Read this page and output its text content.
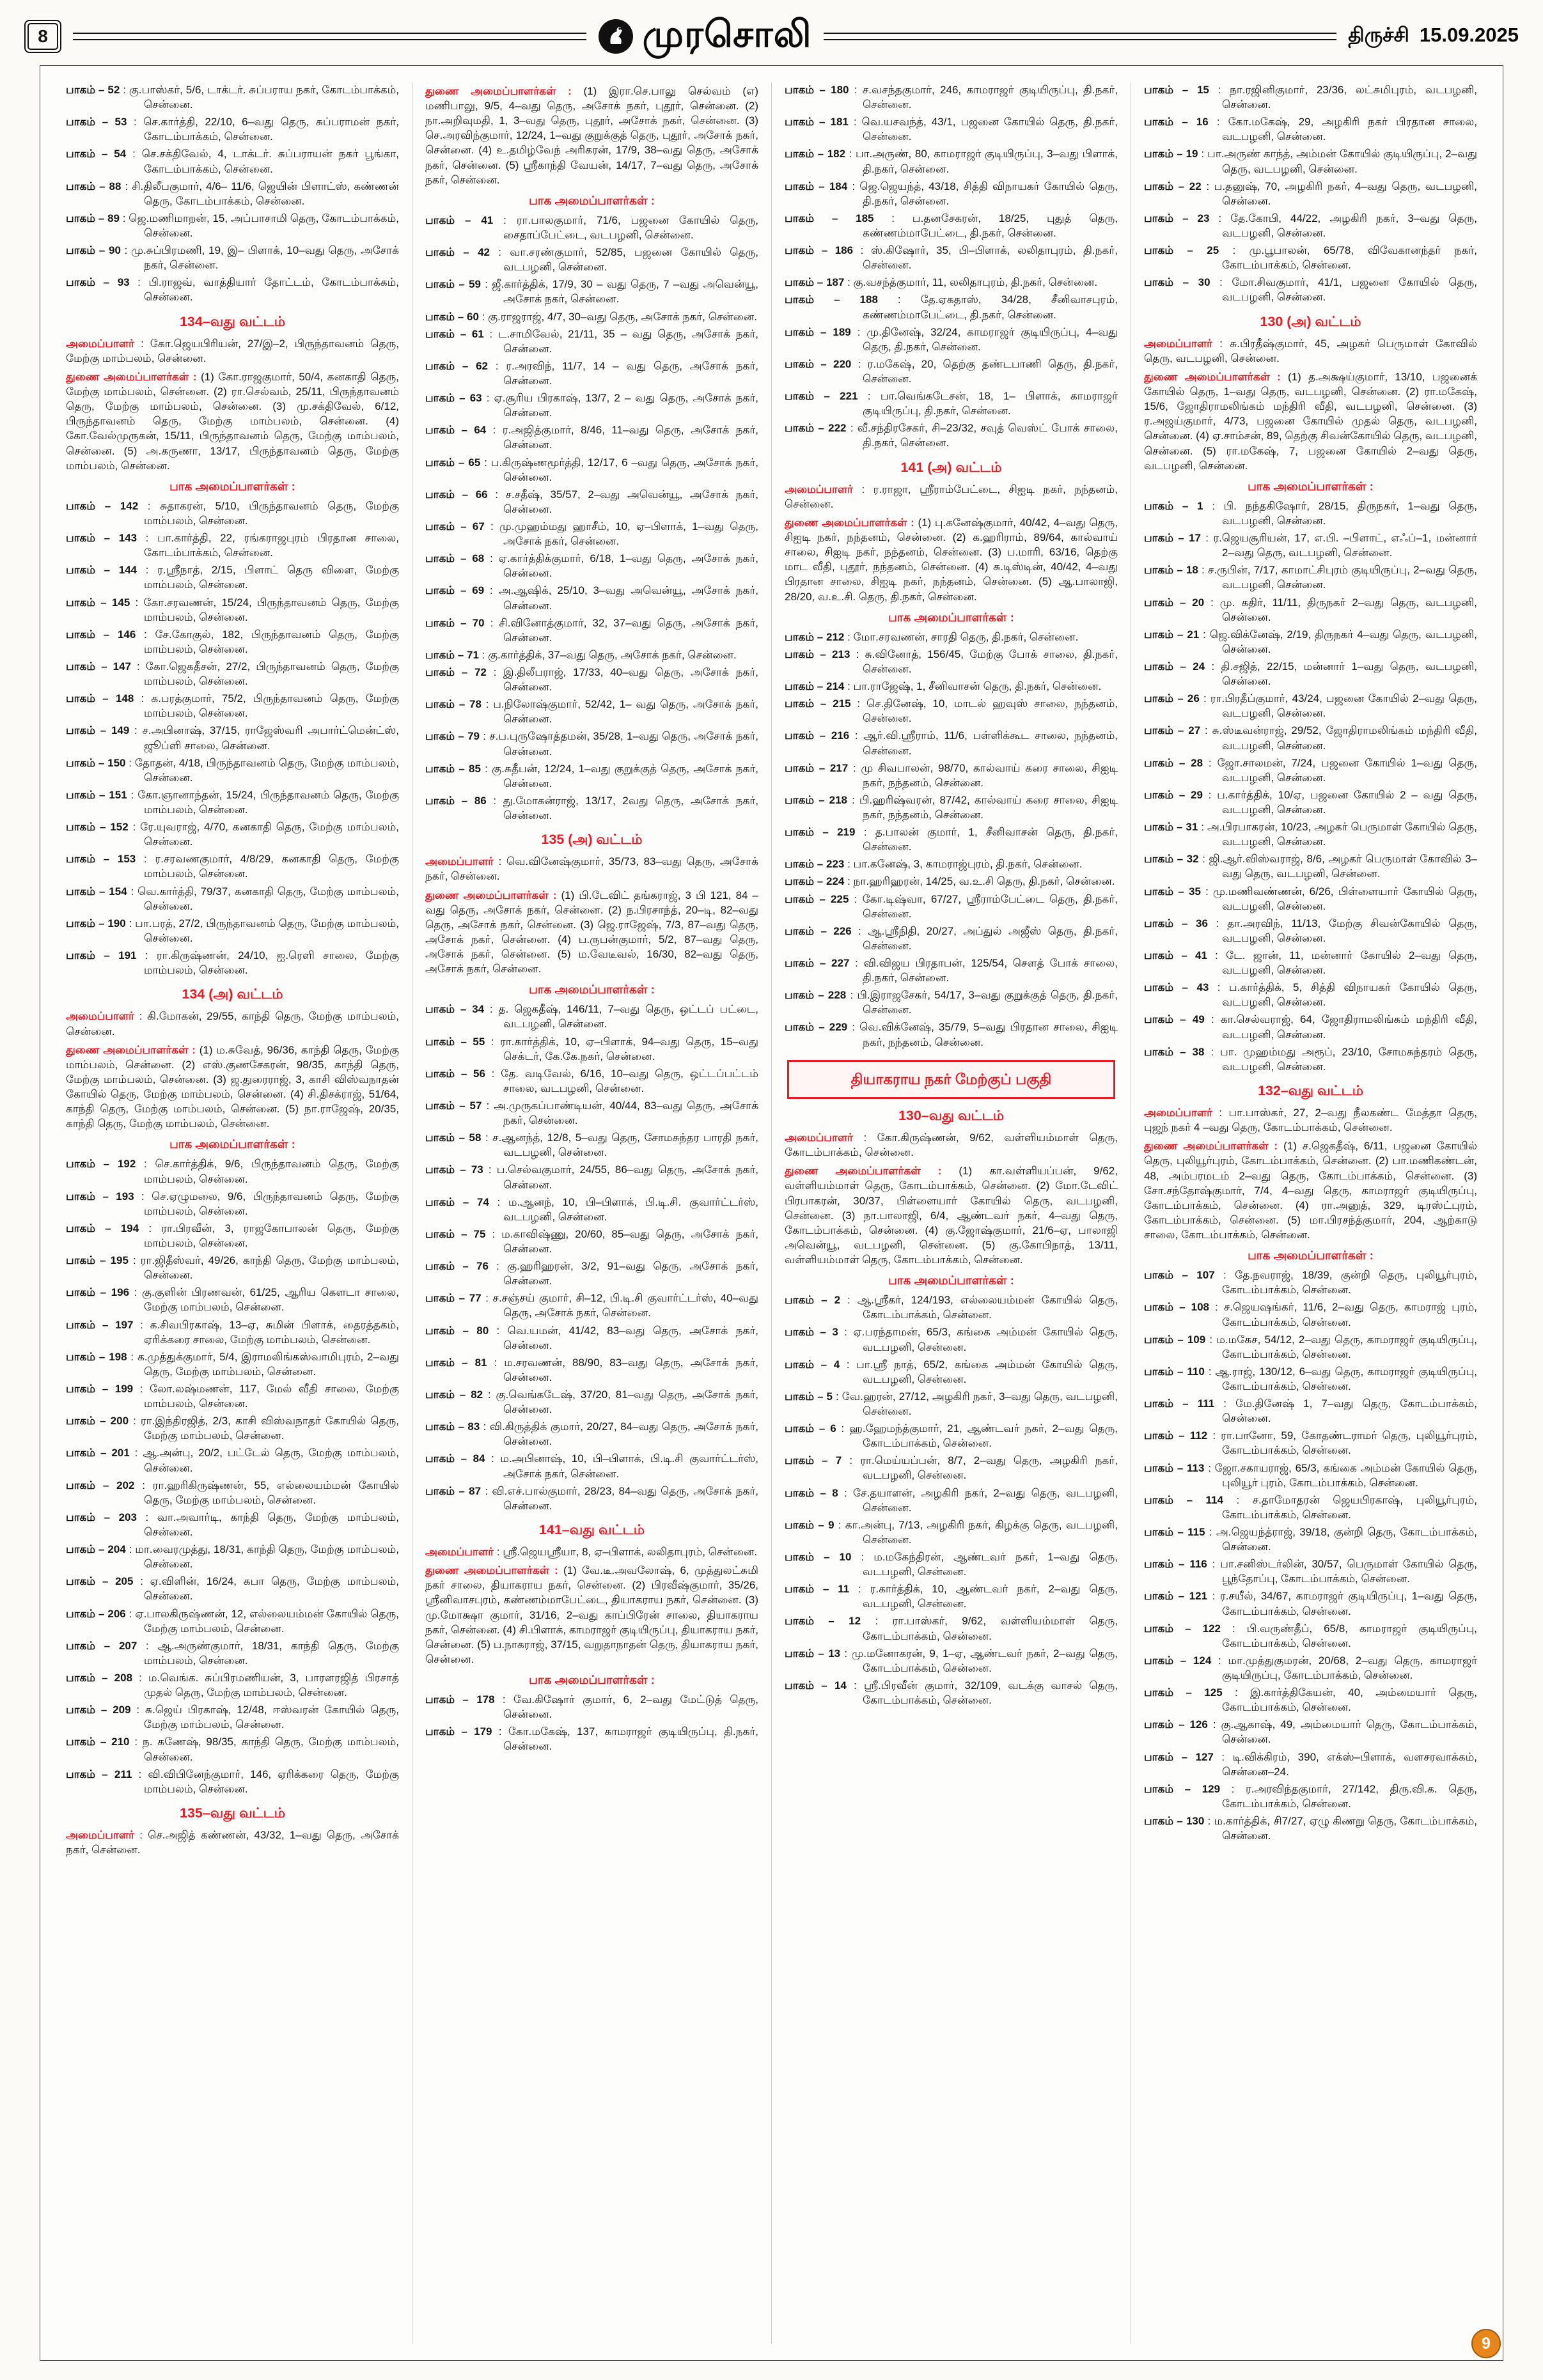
8	முரசொலி	திருச்சி 15.09.2025
பாகம் – 52 : கு.பாஸ்கர், 5/6, டாக்டர். சுப்பராய நகர், கோடம்பாக்கம், சென்னை.
பாகம் – 53 : செ.கார்த்தி, 22/10, 6–வது தெரு, சுப்பராமன் நகர், கோடம்பாக்கம், சென்னை.
பாகம் – 54 : செ.சக்திவேல், 4, டாக்டர். சுப்பராயன் நகர் பூங்கா, கோடம்பாக்கம், சென்னை.
பாகம் – 88 : சி.திலீபகுமார், 4/6– 11/6, ஜெயின் பிளாட்ஸ், கண்ணன் தெரு, கோடம்பாக்கம், சென்னை.
பாகம் – 89 : ஜெ.மணிமாறன், 15, அப்பாசாமி தெரு, கோடம்பாக்கம், சென்னை.
பாகம் – 90 : மு.சுப்பிரமணி, 19, இ– பிளாக், 10–வது தெரு, அசோக் நகர், சென்னை.
பாகம் – 93 : பி.ராஜவ், வாத்தியார் தோட்டம், கோடம்பாக்கம், சென்னை.
134–வது வட்டம்
அமைப்பாளர் : கோ.ஜெயபிரியன், 27/இ–2, பிருந்தாவனம் தெரு, மேற்கு மாம்பலம், சென்னை.
துணை அமைப்பாளர்கள் : (1) கோ.ராஜகுமார், 50/4, கனகாதி தெரு, மேற்கு மாம்பலம், சென்னை. (2) ரா.செல்வம், 25/11, பிருந்தாவனம் தெரு, மேற்கு மாம்பலம், சென்னை. (3) மு.சக்திவேல், 6/12, பிருந்தாவனம் தெரு, மேற்கு மாம்பலம், சென்னை. (4) கோ.வேல்முருகன், 15/11, பிருந்தாவனம் தெரு, மேற்கு மாம்பலம், சென்னை. (5) அ.கருணா, 13/17, பிருந்தாவனம் தெரு, மேற்கு மாம்பலம், சென்னை.
பாக அமைப்பாளர்கள் :
பாகம் – 142 : சுதாகரன், 5/10, பிருந்தாவனம் தெரு, மேற்கு மாம்பலம், சென்னை.
பாகம் – 143 : பா.கார்த்தி, 22, ரங்கராஜபுரம் பிரதான சாலை, கோடம்பாக்கம், சென்னை.
பாகம் – 144 : ர.ஸ்ரீநாத், 2/15, பிளாட் தெரு விளை, மேற்கு மாம்பலம், சென்னை.
பாகம் – 145 : கோ.சரவணன், 15/24, பிருந்தாவனம் தெரு, மேற்கு மாம்பலம், சென்னை.
பாகம் – 146 : சே.கோகுல், 182, பிருந்தாவனம் தெரு, மேற்கு மாம்பலம், சென்னை.
பாகம் – 147 : கோ.ஜெகதீசன், 27/2, பிருந்தாவனம் தெரு, மேற்கு மாம்பலம், சென்னை.
பாகம் – 148 : க.பரத்குமார், 75/2, பிருந்தாவனம் தெரு, மேற்கு மாம்பலம், சென்னை.
பாகம் – 149 : ச.அபினாஷ், 37/15, ராஜேஸ்வரி அபார்ட்மென்ட்ஸ், ஜூப்ளி சாலை, சென்னை.
பாகம் – 150 : தோதன், 4/18, பிருந்தாவனம் தெரு, மேற்கு மாம்பலம், சென்னை.
பாகம் – 151 : கோ.ஞானாந்தன், 15/24, பிருந்தாவனம் தெரு, மேற்கு மாம்பலம், சென்னை.
பாகம் – 152 : ரே.யுவராஜ், 4/70, கனகாதி தெரு, மேற்கு மாம்பலம், சென்னை.
பாகம் – 153 : ர.சரவணகுமார், 4/8/29, கனகாதி தெரு, மேற்கு மாம்பலம், சென்னை.
பாகம் – 154 : வெ.கார்த்தி, 79/37, கனகாதி தெரு, மேற்கு மாம்பலம், சென்னை.
பாகம் – 190 : பா.பரத், 27/2, பிருந்தாவனம் தெரு, மேற்கு மாம்பலம், சென்னை.
பாகம் – 191 : ரா.கிருஷ்ணன், 24/10, ஐ.ரெளி சாலை, மேற்கு மாம்பலம், சென்னை.
134 (அ) வட்டம்
அமைப்பாளர் : கி.மோகன், 29/55, காந்தி தெரு, மேற்கு மாம்பலம், சென்னை.
துணை அமைப்பாளர்கள் : (1) ம.சுவேத், 96/36, காந்தி தெரு, மேற்கு மாம்பலம், சென்னை. (2) எஸ்.குணசேகரன், 98/35, காந்தி தெரு, மேற்கு மாம்பலம், சென்னை. (3) ஜ.துரைராஜ், 3, காசி விஸ்வநாதன் கோயில் தெரு, மேற்கு மாம்பலம், சென்னை. (4) சி.திசக்ராஜ், 51/64, காந்தி தெரு, மேற்கு மாம்பலம், சென்னை. (5) நா.ராஜேஷ், 20/35, காந்தி தெரு, மேற்கு மாம்பலம், சென்னை.
பாக அமைப்பாளர்கள் :
பாகம் – 192 : செ.கார்த்திக், 9/6, பிருந்தாவனம் தெரு, மேற்கு மாம்பலம், சென்னை.
பாகம் – 193 : செ.ஏழுமலை, 9/6, பிருந்தாவனம் தெரு, மேற்கு மாம்பலம், சென்னை.
பாகம் – 194 : ரா.பிரவீன், 3, ராஜகோபாலன் தெரு, மேற்கு மாம்பலம், சென்னை.
பாகம் – 195 : ரா.ஜிதீஸ்வர், 49/26, காந்தி தெரு, மேற்கு மாம்பலம், சென்னை.
பாகம் – 196 : கு.குளின் பிரணவன், 61/25, ஆரிய கௌடா சாலை, மேற்கு மாம்பலம், சென்னை.
பாகம் – 197 : க.சிவபிரகாஷ், 13–ஏ, சுமின் பிளாக், தைரத்தகம், ஏரிக்கரை சாலை, மேற்கு மாம்பலம், சென்னை.
பாகம் – 198 : க.முத்துக்குமார், 5/4, இராமலிங்கஸ்வாமிபுரம், 2–வது தெரு, மேற்கு மாம்பலம், சென்னை.
பாகம் – 199 : லோ.லஷ்மணன், 117, மேல் வீதி சாலை, மேற்கு மாம்பலம், சென்னை.
பாகம் – 200 : ரா.இந்திரஜித், 2/3, காசி விஸ்வநாதர் கோயில் தெரு, மேற்கு மாம்பலம், சென்னை.
பாகம் – 201 : ஆ.அன்பு, 20/2, பட்டேல் தெரு, மேற்கு மாம்பலம், சென்னை.
பாகம் – 202 : ரா.ஹரிகிருஷ்ணன், 55, எல்லையம்மன் கோயில் தெரு, மேற்கு மாம்பலம், சென்னை.
பாகம் – 203 : வா.அவார்டி, காந்தி தெரு, மேற்கு மாம்பலம், சென்னை.
பாகம் – 204 : மா.வைரமுத்து, 18/31, காந்தி தெரு, மேற்கு மாம்பலம், சென்னை.
பாகம் – 205 : ஏ.விளின், 16/24, கபா தெரு, மேற்கு மாம்பலம், சென்னை.
பாகம் – 206 : ஏ.பாலகிருஷ்ணன், 12, எல்லையம்மன் கோயில் தெரு, மேற்கு மாம்பலம், சென்னை.
பாகம் – 207 : ஆ.அருண்குமார், 18/31, காந்தி தெரு, மேற்கு மாம்பலம், சென்னை.
பாகம் – 208 : ம.வெங்க. சுப்பிரமணியன், 3, பாரளரஜித் பிரசாத் முதல் தெரு, மேற்கு மாம்பலம், சென்னை.
பாகம் – 209 : சு.ஜெய் பிரகாஷ், 12/48, ஈஸ்வரன் கோயில் தெரு, மேற்கு மாம்பலம், சென்னை.
பாகம் – 210 : ந. கணேஷ், 98/35, காந்தி தெரு, மேற்கு மாம்பலம், சென்னை.
பாகம் – 211 : வி.விபினேந்குமார், 146, ஏரிக்கரை தெரு, மேற்கு மாம்பலம், சென்னை.
135–வது வட்டம்
அமைப்பாளர் : செ.அஜித் கண்ணன், 43/32, 1–வது தெரு, அசோக் நகர், சென்னை.
துணை அமைப்பாளர்கள் : (1) இரா.செ.பாலு செல்வம் (எ) மணிபாலு, 9/5, 4–வது தெரு, அசோக் நகர், புதூர், சென்னை. (2) நா.அறிவுமதி, 1, 3–வது தெரு, புதூர், அசோக் நகர், சென்னை. (3) செ.அரவிந்குமார், 12/24, 1–வது குறுக்குத் தெரு, புதூர், அசோக் நகர், சென்னை. (4) உ.தமிழ்வேந் அரிகரன், 17/9, 38–வது தெரு, அசோக் நகர், சென்னை. (5) ஸ்ரீகாந்தி வேயன், 14/17, 7–வது தெரு, அசோக் நகர், சென்னை.
பாக அமைப்பாளர்கள் :
பாகம் – 41 : ரா.பாலகுமார், 71/6, பஜனை கோயில் தெரு, சைதாப்பேட்டை, வடபழனி, சென்னை.
பாகம் – 42 : வா.சரண்குமார், 52/85, பஜனை கோயில் தெரு, வடபழனி, சென்னை.
பாகம் – 59 : ஜீ.கார்த்திக், 17/9, 30 – வது தெரு, 7 –வது அவென்யூ, அசோக் நகர், சென்னை.
பாகம் – 60 : கு.ராஜராஜ், 4/7, 30–வது தெரு, அசோக் நகர், சென்னை.
பாகம் – 61 : ட.சாமிவேல், 21/11, 35 – வது தெரு, அசோக் நகர், சென்னை.
பாகம் – 62 : ர.அரவிந், 11/7, 14 – வது தெரு, அசோக் நகர், சென்னை.
பாகம் – 63 : ஏ.சூரிய பிரகாஷ், 13/7, 2 – வது தெரு, அசோக் நகர், சென்னை.
பாகம் – 64 : ர.அஜித்குமார், 8/46, 11–வது தெரு, அசோக் நகர், சென்னை.
பாகம் – 65 : ப.கிருஷ்ணமூர்த்தி, 12/17, 6 –வது தெரு, அசோக் நகர், சென்னை.
பாகம் – 66 : ச.சதீஷ், 35/57, 2–வது அவென்யூ, அசோக் நகர், சென்னை.
பாகம் – 67 : மு.முஹம்மது ஹாசீம், 10, ஏ–பிளாக், 1–வது தெரு, அசோக் நகர், சென்னை.
பாகம் – 68 : ஏ.கார்த்திக்குமார், 6/18, 1–வது தெரு, அசோக் நகர், சென்னை.
பாகம் – 69 : அ.ஆஷிக், 25/10, 3–வது அவென்யூ, அசோக் நகர், சென்னை.
பாகம் – 70 : சி.வினோத்குமார், 32, 37–வது தெரு, அசோக் நகர், சென்னை.
பாகம் – 71 : கு.கார்த்திக், 37–வது தெரு, அசோக் நகர், சென்னை.
பாகம் – 72 : இ.திலீபராஜ், 17/33, 40–வது தெரு, அசோக் நகர், சென்னை.
பாகம் – 78 : ப.நிலோஷ்குமார், 52/42, 1– வது தெரு, அசோக் நகர், சென்னை.
பாகம் – 79 : ச.ப.புருஷோத்தமன், 35/28, 1–வது தெரு, அசோக் நகர், சென்னை.
பாகம் – 85 : கு.சுதீபன், 12/24, 1–வது குறுக்குத் தெரு, அசோக் நகர், சென்னை.
பாகம் – 86 : து.மோகன்ராஜ், 13/17, 2வது தெரு, அசோக் நகர், சென்னை.
135 (அ) வட்டம்
அமைப்பாளர் : வெ.வினேஷ்குமார், 35/73, 83–வது தெரு, அசோக் நகர், சென்னை.
துணை அமைப்பாளர்கள் : (1) பி.டேவிட் தங்கராஜ், 3 பி 121, 84 – வது தெரு, அசோக் நகர், சென்னை. (2) ந.பிரசாந்த், 20–டி, 82–வது தெரு, அசோக் நகர், சென்னை. (3) ஜெ.ராஜேஷ், 7/3, 87–வது தெரு, அசோக் நகர், சென்னை. (4) ப.ருபன்குமார், 5/2, 87–வது தெரு, அசோக் நகர், சென்னை. (5) ம.வேடீவல், 16/30, 82–வது தெரு, அசோக் நகர், சென்னை.
பாக அமைப்பாளர்கள் :
பாகம் – 34 : த. ஜெகதீஷ், 146/11, 7–வது தெரு, ஒட்டப் பட்டை, வடபழனி, சென்னை.
பாகம் – 55 : ரா.கார்த்திக், 10, ஏ–பிளாக், 94–வது தெரு, 15–வது செக்டர், கே.கே.நகர், சென்னை.
பாகம் – 56 : தே. வடிவேல், 6/16, 10–வது தெரு, ஒட்டப்பட்டம் சாலை, வடபழனி, சென்னை.
பாகம் – 57 : அ.முருகப்பாண்டியன், 40/44, 83–வது தெரு, அசோக் நகர், சென்னை.
பாகம் – 58 : ச.ஆனந்த், 12/8, 5–வது தெரு, சோமசுந்தர பாரதி நகர், வடபழனி, சென்னை.
பாகம் – 73 : ப.செல்வகுமார், 24/55, 86–வது தெரு, அசோக் நகர், சென்னை.
பாகம் – 74 : ம.ஆனந், 10, பி–பிளாக், பி.டி.சி. குவார்ட்டர்ஸ், வடபழனி, சென்னை.
பாகம் – 75 : ம.காவிஷ்ணு, 20/60, 85–வது தெரு, அசோக் நகர், சென்னை.
பாகம் – 76 : கு.ஹரிஹரன், 3/2, 91–வது தெரு, அசோக் நகர், சென்னை.
பாகம் – 77 : ச.சஞ்சய் குமார், சி–12, பி.டி.சி குவார்ட்டர்ஸ், 40–வது தெரு, அசோக் நகர், சென்னை.
பாகம் – 80 : வெ.யமன், 41/42, 83–வது தெரு, அசோக் நகர், சென்னை.
பாகம் – 81 : ம.சரவணன், 88/90, 83–வது தெரு, அசோக் நகர், சென்னை.
பாகம் – 82 : கு.வெங்கடேஷ், 37/20, 81–வது தெரு, அசோக் நகர், சென்னை.
பாகம் – 83 : வி.கிருத்திக் குமார், 20/27, 84–வது தெரு, அசோக் நகர், சென்னை.
பாகம் – 84 : ம.அபினாஷ், 10, பி–பிளாக், பி.டி.சி குவார்ட்டர்ஸ், அசோக் நகர், சென்னை.
பாகம் – 87 : வி.எச்.பால்குமார், 28/23, 84–வது தெரு, அசோக் நகர், சென்னை.
141–வது வட்டம்
அமைப்பாளர் : ஸ்ரீ.ஜெயஸ்ரீயா, 8, ஏ–பிளாக், லலிதாபுரம், சென்னை.
துணை அமைப்பாளர்கள் : (1) வே.டீ.அவலோஷ், 6, முத்துலட்சுமி நகர் சாலை, தியாகராய நகர், சென்னை. (2) பிரவீஷ்குமார், 35/26, ஸ்ரீனிவாசபுரம், கண்ணம்மாபேட்டை, தியாகராய நகர், சென்னை. (3) மு.மோக்ஷா குமார், 31/16, 2–வது காப்பிரேன் சாலை, தியாகராய நகர், சென்னை. (4) சி.பிளாக், காமராஜர் குடியிருப்பு, தியாகராய நகர், சென்னை. (5) ப.நாகராஜ், 37/15, வறுதாநாதன் தெரு, தியாகராய நகர், சென்னை.
பாக அமைப்பாளர்கள் :
பாகம் – 178 : வே.கிஷோர் குமார், 6, 2–வது மேட்டுத் தெரு, சென்னை.
பாகம் – 179 : கோ.மகேஷ், 137, காமராஜர் குடியிருப்பு, தி.நகர், சென்னை.
பாகம் – 180 : ச.வசந்தகுமார், 246, காமராஜர் குடியிருப்பு, தி.நகர், சென்னை.
பாகம் – 181 : வெ.யசவந்த், 43/1, பஜனை கோயில் தெரு, தி.நகர், சென்னை.
பாகம் – 182 : பா.அருண், 80, காமராஜர் குடியிருப்பு, 3–வது பிளாக், தி.நகர், சென்னை.
பாகம் – 184 : ஜெ.ஜெயந்த், 43/18, சித்தி விநாயகர் கோயில் தெரு, தி.நகர், சென்னை.
பாகம் – 185 : ப.தனசேகரன், 18/25, புதுத் தெரு, கண்ணம்மாபேட்டை, தி.நகர், சென்னை.
பாகம் – 186 : ஸ்.கிஷோர், 35, பி–பிளாக், லலிதாபுரம், தி.நகர், சென்னை.
பாகம் – 187 : கு.வசந்த்குமார், 11, லலிதாபுரம், தி.நகர், சென்னை.
பாகம் – 188 : தே.ஏகதாஸ், 34/28, சீனிவாசபுரம், கண்ணம்மாபேட்டை, தி.நகர், சென்னை.
பாகம் – 189 : மு.தினேஷ், 32/24, காமராஜர் குடியிருப்பு, 4–வது தெரு, தி.நகர், சென்னை.
பாகம் – 220 : ர.மகேஷ், 20, தெற்கு தண்டபாணி தெரு, தி.நகர், சென்னை.
பாகம் – 221 : பா.வெங்கடேசன், 18, 1– பிளாக், காமராஜர் குடியிருப்பு, தி.நகர், சென்னை.
பாகம் – 222 : வீ.சந்திரசேகர், சி–23/32, சவுத் வெஸ்ட் போக் சாலை, தி.நகர், சென்னை.
141 (அ) வட்டம்
அமைப்பாளர் : ர.ராஜா, ஸ்ரீராம்பேட்டை, சிஐடி நகர், நந்தனம், சென்னை.
துணை அமைப்பாளர்கள் : (1) பு.கனேஷ்குமார், 40/42, 4–வது தெரு, சிஐடி நகர், நந்தனம், சென்னை. (2) க.ஹரிராம், 89/64, கால்வாய் சாலை, சிஐடி நகர், நந்தனம், சென்னை. (3) ப.மாரி, 63/16, தெற்கு மாட வீதி, புதூர், நந்தனம், சென்னை. (4) சு.டிஸ்டின், 40/42, 4–வது பிரதான சாலை, சிஐடி நகர், நந்தனம், சென்னை. (5) ஆ.பாலாஜி, 28/20, வ.உ.சி. தெரு, தி.நகர், சென்னை.
பாக அமைப்பாளர்கள் :
பாகம் – 212 : மோ.சரவணன், சாரதி தெரு, தி.நகர், சென்னை.
பாகம் – 213 : சு.வினோத், 156/45, மேற்கு போக் சாலை, தி.நகர், சென்னை.
பாகம் – 214 : பா.ராஜேஷ், 1, சீனிவாசன் தெரு, தி.நகர், சென்னை.
பாகம் – 215 : செ.தினேஷ், 10, மாடல் ஹவுஸ் சாலை, நந்தனம், சென்னை.
பாகம் – 216 : ஆர்.வி.ஸ்ரீராம், 11/6, பள்ளிக்கூட சாலை, நந்தனம், சென்னை.
பாகம் – 217 : மு சிவபாலன், 98/70, கால்வாய் கரை சாலை, சிஐடி நகர், நந்தனம், சென்னை.
பாகம் – 218 : பி.ஹரிஷ்வரன், 87/42, கால்வாய் கரை சாலை, சிஐடி நகர், நந்தனம், சென்னை.
பாகம் – 219 : த.பாலன் குமார், 1, சீனிவாசன் தெரு, தி.நகர், சென்னை.
பாகம் – 223 : பா.கனேஷ், 3, காமராஜ்புரம், தி.நகர், சென்னை.
பாகம் – 224 : நா.ஹரிஹரன், 14/25, வ.உ.சி தெரு, தி.நகர், சென்னை.
பாகம் – 225 : கோ.டிஷ்வா, 67/27, ஸ்ரீராம்பேட்டை தெரு, தி.நகர், சென்னை.
பாகம் – 226 : ஆ.ஸ்ரீநிதி, 20/27, அப்துல் அஜீஸ் தெரு, தி.நகர், சென்னை.
பாகம் – 227 : வி.விஜய பிரதாபன், 125/54, சௌத் போக் சாலை, தி.நகர், சென்னை.
பாகம் – 228 : பி.இராஜசேகர், 54/17, 3–வது குறுக்குத் தெரு, தி.நகர், சென்னை.
பாகம் – 229 : வெ.விக்னேஷ், 35/79, 5–வது பிரதான சாலை, சிஐடி நகர், நந்தனம், சென்னை.
தியாகராய நகர் மேற்குப் பகுதி
130–வது வட்டம்
அமைப்பாளர் : கோ.கிருஷ்ணன், 9/62, வள்ளியம்மாள் தெரு, கோடம்பாக்கம், சென்னை.
துணை அமைப்பாளர்கள் : (1) கா.வள்ளியப்பன், 9/62, வள்ளியம்மாள் தெரு, கோடம்பாக்கம், சென்னை. (2) மோ.டேவிட் பிரபாகரன், 30/37, பிள்ளையார் கோயில் தெரு, வடபழனி, சென்னை. (3) நா.பாலாஜி, 6/4, ஆண்டவர் நகர், 4–வது தெரு, கோடம்பாக்கம், சென்னை. (4) கு.ஜோஷ்குமார், 21/6–ஏ, பாலாஜி அவென்யூ, வடபழனி, சென்னை. (5) கு.கோபிநாத், 13/11, வள்ளியம்மாள் தெரு, கோடம்பாக்கம், சென்னை.
பாக அமைப்பாளர்கள் :
பாகம் – 2 : ஆ.ஸ்ரீகர், 124/193, எல்லையம்மன் கோயில் தெரு, கோடம்பாக்கம், சென்னை.
பாகம் – 3 : ஏ.பரந்தாமன், 65/3, கங்கை அம்மன் கோயில் தெரு, வடபழனி, சென்னை.
பாகம் – 4 : பா.ஸ்ரீ நாத், 65/2, கங்கை அம்மன் கோயில் தெரு, வடபழனி, சென்னை.
பாகம் – 5 : வே.ஹரன், 27/12, அழகிரி நகர், 3–வது தெரு, வடபழனி, சென்னை.
பாகம் – 6 : ஹ.ஹேமந்த்குமார், 21, ஆண்டவர் நகர், 2–வது தெரு, கோடம்பாக்கம், சென்னை.
பாகம் – 7 : ரா.மெய்யப்பன், 8/7, 2–வது தெரு, அழகிரி நகர், வடபழனி, சென்னை.
பாகம் – 8 : சே.தயாளன், அழகிரி நகர், 2–வது தெரு, வடபழனி, சென்னை.
பாகம் – 9 : கா.அன்பு, 7/13, அழகிரி நகர், கிழக்கு தெரு, வடபழனி, சென்னை.
பாகம் – 10 : ம.மகேந்திரன், ஆண்டவர் நகர், 1–வது தெரு, வடபழனி, சென்னை.
பாகம் – 11 : ர.கார்த்திக், 10, ஆண்டவர் நகர், 2–வது தெரு, வடபழனி, சென்னை.
பாகம் – 12 : ரா.பாஸ்கர், 9/62, வள்ளியம்மாள் தெரு, கோடம்பாக்கம், சென்னை.
பாகம் – 13 : மு.மனோகரன், 9, 1–ஏ, ஆண்டவர் நகர், 2–வது தெரு, கோடம்பாக்கம், சென்னை.
பாகம் – 14 : ஸ்ரீ.பிரவீன் குமார், 32/109, வடக்கு வாசல் தெரு, கோடம்பாக்கம், சென்னை.
பாகம் – 15 : நா.ரஜினிகுமார், 23/36, லட்சுமிபுரம், வடபழனி, சென்னை.
பாகம் – 16 : கோ.மகேஷ், 29, அழகிரி நகர் பிரதான சாலை, வடபழனி, சென்னை.
பாகம் – 19 : பா.அருண் காந்த், அம்மன் கோயில் குடியிருப்பு, 2–வது தெரு, வடபழனி, சென்னை.
பாகம் – 22 : ப.தனுஷ், 70, அழகிரி நகர், 4–வது தெரு, வடபழனி, சென்னை.
பாகம் – 23 : தே.கோபி, 44/22, அழகிரி நகர், 3–வது தெரு, வடபழனி, சென்னை.
பாகம் – 25 : மு.பூபாலன், 65/78, விவேகானந்தர் நகர், கோடம்பாக்கம், சென்னை.
பாகம் – 30 : மோ.சிவகுமார், 41/1, பஜனை கோயில் தெரு, வடபழனி, சென்னை.
130 (அ) வட்டம்
அமைப்பாளர் : சு.பிரதீஷ்குமார், 45, அழகர் பெருமாள் கோவில் தெரு, வடபழனி, சென்னை.
துணை அமைப்பாளர்கள் : (1) த.அக்ஷய்குமார், 13/10, பஜனைக் கோயில் தெரு, 1–வது தெரு, வடபழனி, சென்னை. (2) ரா.மகேஷ், 15/6, ஜோதிராமலிங்கம் மந்திரி வீதி, வடபழனி, சென்னை. (3) ர.அஜய்குமார், 4/73, பஜனை கோயில் முதல் தெரு, வடபழனி, சென்னை. (4) ஏ.சாம்சன், 89, தெற்கு சிவன்கோயில் தெரு, வடபழனி, சென்னை. (5) ரா.மகேஷ், 7, பஜனை கோயில் 2–வது தெரு, வடபழனி, சென்னை.
பாக அமைப்பாளர்கள் :
பாகம் – 1 : பி. நந்தகிஷோர், 28/15, திருநகர், 1–வது தெரு, வடபழனி, சென்னை.
பாகம் – 17 : ர.ஜெயசூரியன், 17, எ.பி. –பிளாட், எஃப்–1, மன்னார் 2–வது தெரு, வடபழனி, சென்னை.
பாகம் – 18 : ச.ருபின், 7/17, காமாட்சிபுரம் குடியிருப்பு, 2–வது தெரு, வடபழனி, சென்னை.
பாகம் – 20 : மு. கதிர், 11/11, திருநகர் 2–வது தெரு, வடபழனி, சென்னை.
பாகம் – 21 : ஜெ.விக்னேஷ், 2/19, திருநகர் 4–வது தெரு, வடபழனி, சென்னை.
பாகம் – 24 : தி.சஜித், 22/15, மன்னார் 1–வது தெரு, வடபழனி, சென்னை.
பாகம் – 26 : ரா.பிரதீப்குமார், 43/24, பஜனை கோயில் 2–வது தெரு, வடபழனி, சென்னை.
பாகம் – 27 : சு.ஸ்டீவன்ராஜ், 29/52, ஜோதிராமலிங்கம் மந்திரி வீதி, வடபழனி, சென்னை.
பாகம் – 28 : ஜோ.சாலமன், 7/24, பஜனை கோயில் 1–வது தெரு, வடபழனி, சென்னை.
பாகம் – 29 : ப.கார்த்திக், 10/ஏ, பஜனை கோயில் 2 – வது தெரு, வடபழனி, சென்னை.
பாகம் – 31 : அ.பிரபாகரன், 10/23, அழகர் பெருமாள் கோயில் தெரு, வடபழனி, சென்னை.
பாகம் – 32 : ஜி.ஆர்.விஸ்வராஜ், 8/6, அழகர் பெருமாள் கோவில் 3–வது தெரு, வடபழனி, சென்னை.
பாகம் – 35 : மு.மணிவண்ணன், 6/26, பிள்ளையார் கோயில் தெரு, வடபழனி, சென்னை.
பாகம் – 36 : தா.அரவிந், 11/13, மேற்கு சிவன்கோயில் தெரு, வடபழனி, சென்னை.
பாகம் – 41 : டே. ஜான், 11, மன்னார் கோயில் 2–வது தெரு, வடபழனி, சென்னை.
பாகம் – 43 : ப.கார்த்திக், 5, சித்தி விநாயகர் கோயில் தெரு, வடபழனி, சென்னை.
பாகம் – 49 : கா.செல்வராஜ், 64, ஜோதிராமலிங்கம் மந்திரி வீதி, வடபழனி, சென்னை.
பாகம் – 38 : பா. முஹம்மது அரூப், 23/10, சோமசுந்தரம் தெரு, வடபழனி, சென்னை.
132–வது வட்டம்
அமைப்பாளர் : பா.பாஸ்கர், 27, 2–வது நீலகண்ட மேத்தா தெரு, புஜந் நகர் 4 –வது தெரு, கோடம்பாக்கம், சென்னை.
துணை அமைப்பாளர்கள் : (1) ச.ஜெகதீஷ், 6/11, பஜனை கோயில் தெரு, புலியூர்புரம், கோடம்பாக்கம், சென்னை. (2) பா.மணிகண்டன், 48, அம்பரமடம் 2–வது தெரு, கோடம்பாக்கம், சென்னை. (3) சோ.சந்தோஷ்குமார், 7/4, 4–வது தெரு, காமராஜர் குடியிருப்பு, கோடம்பாக்கம், சென்னை. (4) ரா.அனுத், 329, டிரஸ்ட்புரம், கோடம்பாக்கம், சென்னை. (5) மா.பிரசந்த்குமார், 204, ஆற்காடு சாலை, கோடம்பாக்கம், சென்னை.
பாக அமைப்பாளர்கள் :
பாகம் – 107 : தே.நவராஜ், 18/39, குன்றி தெரு, புலியூர்புரம், கோடம்பாக்கம், சென்னை.
பாகம் – 108 : ச.ஜெயஷங்கர், 11/6, 2–வது தெரு, காமராஜ் புரம், கோடம்பாக்கம், சென்னை.
பாகம் – 109 : ம.மகேச, 54/12, 2–வது தெரு, காமராஜர் குடியிருப்பு, கோடம்பாக்கம், சென்னை.
பாகம் – 110 : ஆ.ராஜ், 130/12, 6–வது தெரு, காமராஜர் குடியிருப்பு, கோடம்பாக்கம், சென்னை.
பாகம் – 111 : மே.தினேஷ் 1, 7–வது தெரு, கோடம்பாக்கம், சென்னை.
பாகம் – 112 : ரா.பானோ, 59, கோதண்டராமர் தெரு, புலியூர்புரம், கோடம்பாக்கம், சென்னை.
பாகம் – 113 : ஜோ.சகாயராஜ், 65/3, கங்கை அம்மன் கோயில் தெரு, புலியூர் புரம், கோடம்பாக்கம், சென்னை.
பாகம் – 114 : ச.தாமோதரன் ஜெயபிரகாஷ், புலியூர்புரம், கோடம்பாக்கம், சென்னை.
பாகம் – 115 : அ.ஜெயந்த்ராஜ், 39/18, குன்றி தெரு, கோடம்பாக்கம், சென்னை.
பாகம் – 116 : பா.சனிஸ்டர்லின், 30/57, பெருமாள் கோயில் தெரு, பூந்தோப்பு, கோடம்பாக்கம், சென்னை.
பாகம் – 121 : ர.சயீல், 34/67, காமராஜர் குடியிருப்பு, 1–வது தெரு, கோடம்பாக்கம், சென்னை.
பாகம் – 122 : பி.வருண்தீப், 65/8, காமராஜர் குடியிருப்பு, கோடம்பாக்கம், சென்னை.
பாகம் – 124 : மா.முத்துகுமரன், 20/68, 2–வது தெரு, காமராஜர் குடியிருப்பு, கோடம்பாக்கம், சென்னை.
பாகம் – 125 : இ.கார்த்திகேயன், 40, அம்மையார் தெரு, கோடம்பாக்கம், சென்னை.
பாகம் – 126 : கு.ஆகாஷ், 49, அம்மையார் தெரு, கோடம்பாக்கம், சென்னை.
பாகம் – 127 : டி.விக்கிரம், 390, எக்ஸ்–பிளாக், வளசரவாக்கம், சென்னை–24.
பாகம் – 129 : ர.அரவிந்தகுமார், 27/142, திரு.வி.க. தெரு, கோடம்பாக்கம், சென்னை.
பாகம் – 130 : ம.கார்த்திக், சி7/27, ஏழு கிணறு தெரு, கோடம்பாக்கம், சென்னை.
9
